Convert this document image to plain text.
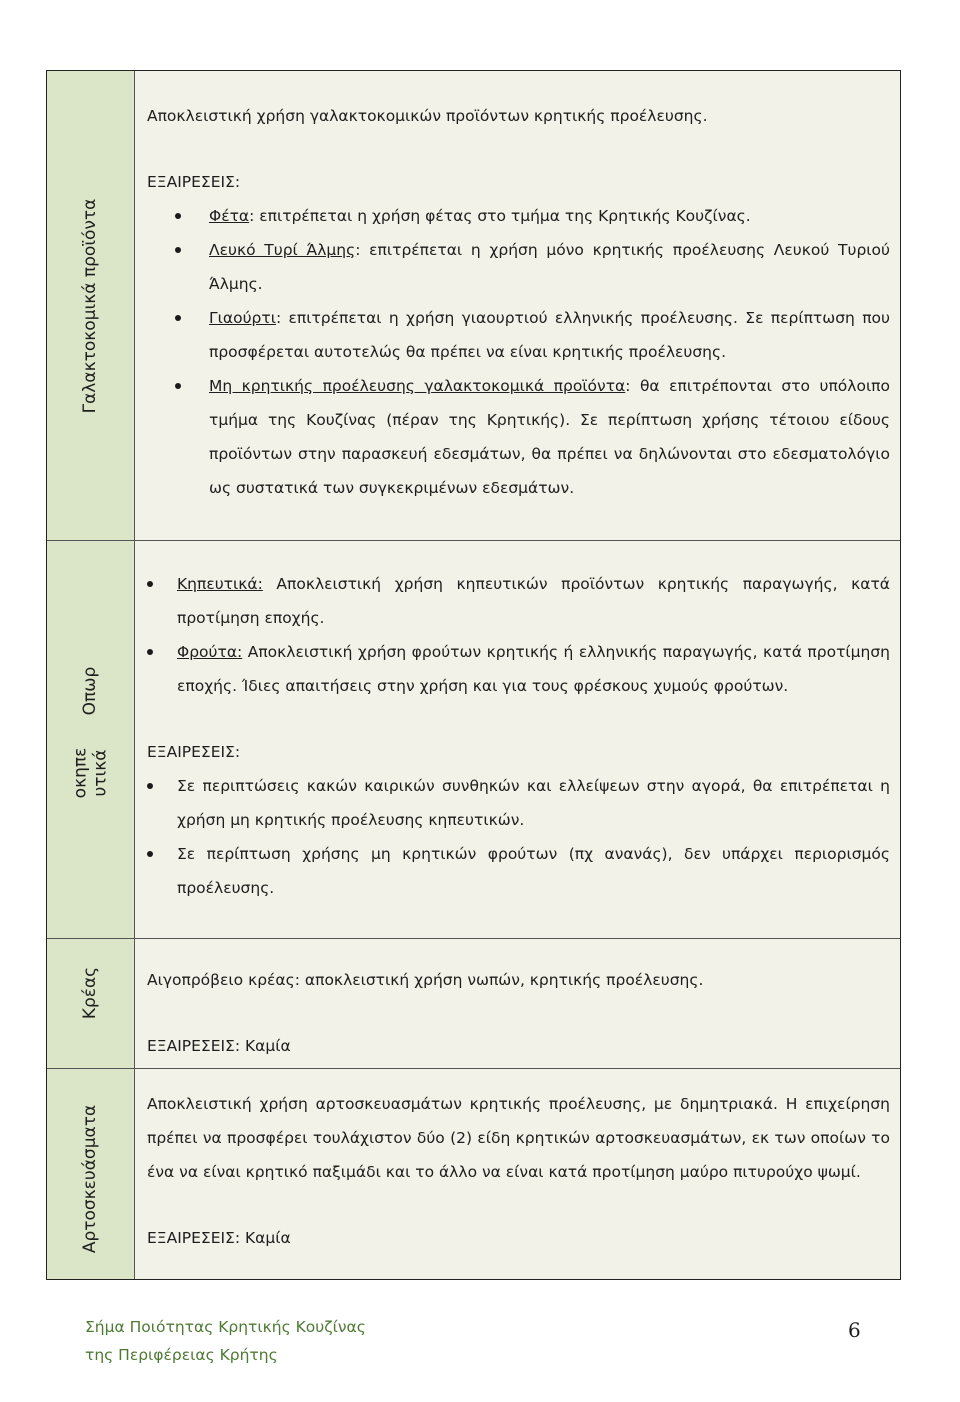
Γαλακτοκομικά προϊόντα

Αποκλειστική χρήση γαλακτοκομικών προϊόντων κρητικής προέλευσης.

ΕΞΑΙΡΕΣΕΙΣ:

Φέτα: επιτρέπεται η χρήση φέτας στο τμήμα της Κρητικής Κουζίνας.
Λευκό Τυρί Άλμης: επιτρέπεται η χρήση μόνο κρητικής προέλευσης Λευκού Τυριού Άλμης.
Γιαούρτι: επιτρέπεται η χρήση γιαουρτιού ελληνικής προέλευσης. Σε περίπτωση που προσφέρεται αυτοτελώς θα πρέπει να είναι κρητικής προέλευσης.
Μη κρητικής προέλευσης γαλακτοκομικά προϊόντα: θα επιτρέπονται στο υπόλοιπο τμήμα της Κουζίνας (πέραν της Κρητικής). Σε περίπτωση χρήσης τέτοιου είδους προϊόντων στην παρασκευή εδεσμάτων, θα πρέπει να δηλώνονται στο εδεσματολόγιο ως συστατικά των συγκεκριμένων εδεσμάτων.
Οπωρ
οκηπε
υτικά
Κηπευτικά: Αποκλειστική χρήση κηπευτικών προϊόντων κρητικής παραγωγής, κατά προτίμηση εποχής.
Φρούτα: Αποκλειστική χρήση φρούτων κρητικής ή ελληνικής παραγωγής, κατά προτίμηση εποχής. Ίδιες απαιτήσεις στην χρήση και για τους φρέσκους χυμούς φρούτων.

ΕΞΑΙΡΕΣΕΙΣ:

Σε περιπτώσεις κακών καιρικών συνθηκών και ελλείψεων στην αγορά, θα επιτρέπεται η χρήση μη κρητικής προέλευσης κηπευτικών.
Σε περίπτωση χρήσης μη κρητικών φρούτων (πχ ανανάς), δεν υπάρχει περιορισμός προέλευσης.
Κρέας	Αιγοπρόβειο κρέας: αποκλειστική χρήση νωπών, κρητικής προέλευσης.

ΕΞΑΙΡΕΣΕΙΣ: Καμία

Αρτοσκευάσματα

Αποκλειστική χρήση αρτοσκευασμάτων κρητικής προέλευσης, με δημητριακά. Η επιχείρηση πρέπει να προσφέρει τουλάχιστον δύο (2) είδη κρητικών αρτοσκευασμάτων, εκ των οποίων το ένα να είναι κρητικό παξιμάδι και το άλλο να είναι κατά προτίμηση μαύρο πιτυρούχο ψωμί.

ΕΞΑΙΡΕΣΕΙΣ: Καμία

Σήμα Ποιότητας Κρητικής Κουζίνας
της Περιφέρειας Κρήτης
6
